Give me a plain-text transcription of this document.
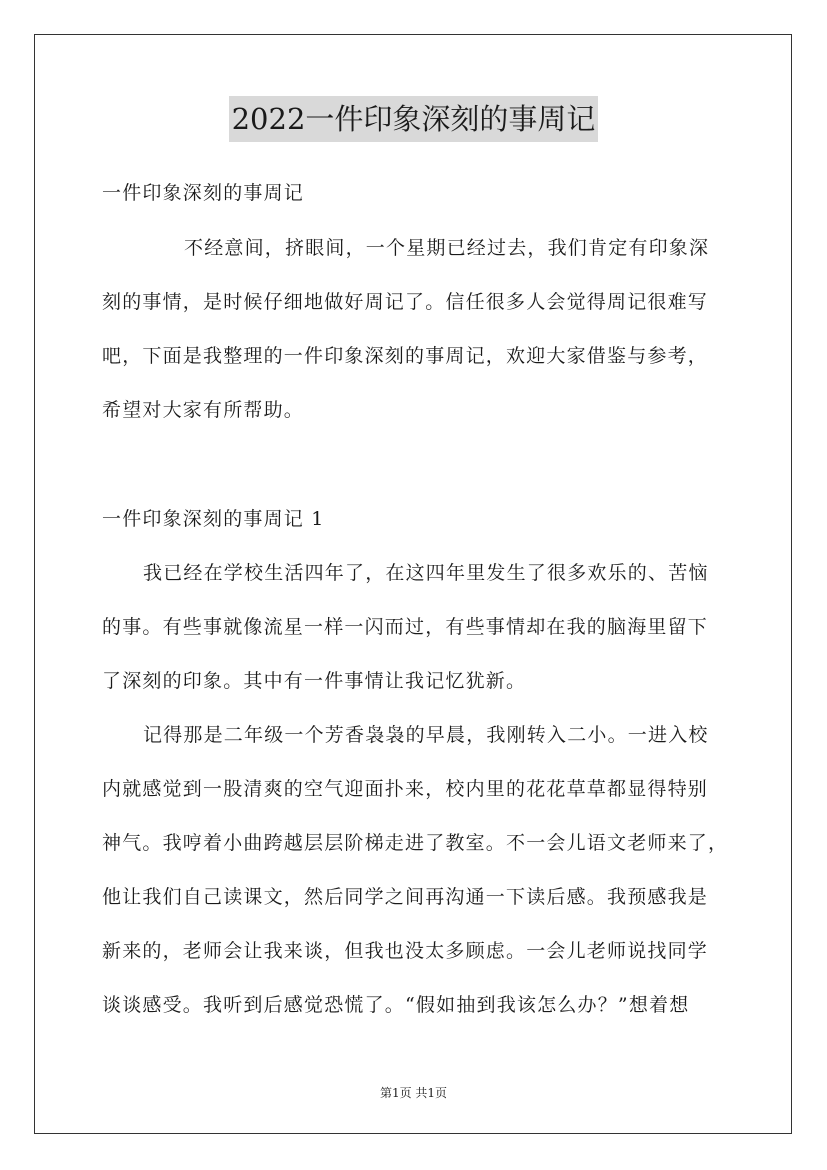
2022一件印象深刻的事周记
一件印象深刻的事周记
不经意间，挤眼间，一个星期已经过去，我们肯定有印象深
刻的事情，是时候仔细地做好周记了。信任很多人会觉得周记很难写
吧，下面是我整理的一件印象深刻的事周记，欢迎大家借鉴与参考，
希望对大家有所帮助。
一件印象深刻的事周记 1
我已经在学校生活四年了，在这四年里发生了很多欢乐的、苦恼
的事。有些事就像流星一样一闪而过，有些事情却在我的脑海里留下
了深刻的印象。其中有一件事情让我记忆犹新。
记得那是二年级一个芳香袅袅的早晨，我刚转入二小。一进入校
内就感觉到一股清爽的空气迎面扑来，校内里的花花草草都显得特别
神气。我哼着小曲跨越层层阶梯走进了教室。不一会儿语文老师来了，
他让我们自己读课文，然后同学之间再沟通一下读后感。我预感我是
新来的，老师会让我来谈，但我也没太多顾虑。一会儿老师说找同学
谈谈感受。我听到后感觉恐慌了。“假如抽到我该怎么办？”想着想
第1页 共1页
